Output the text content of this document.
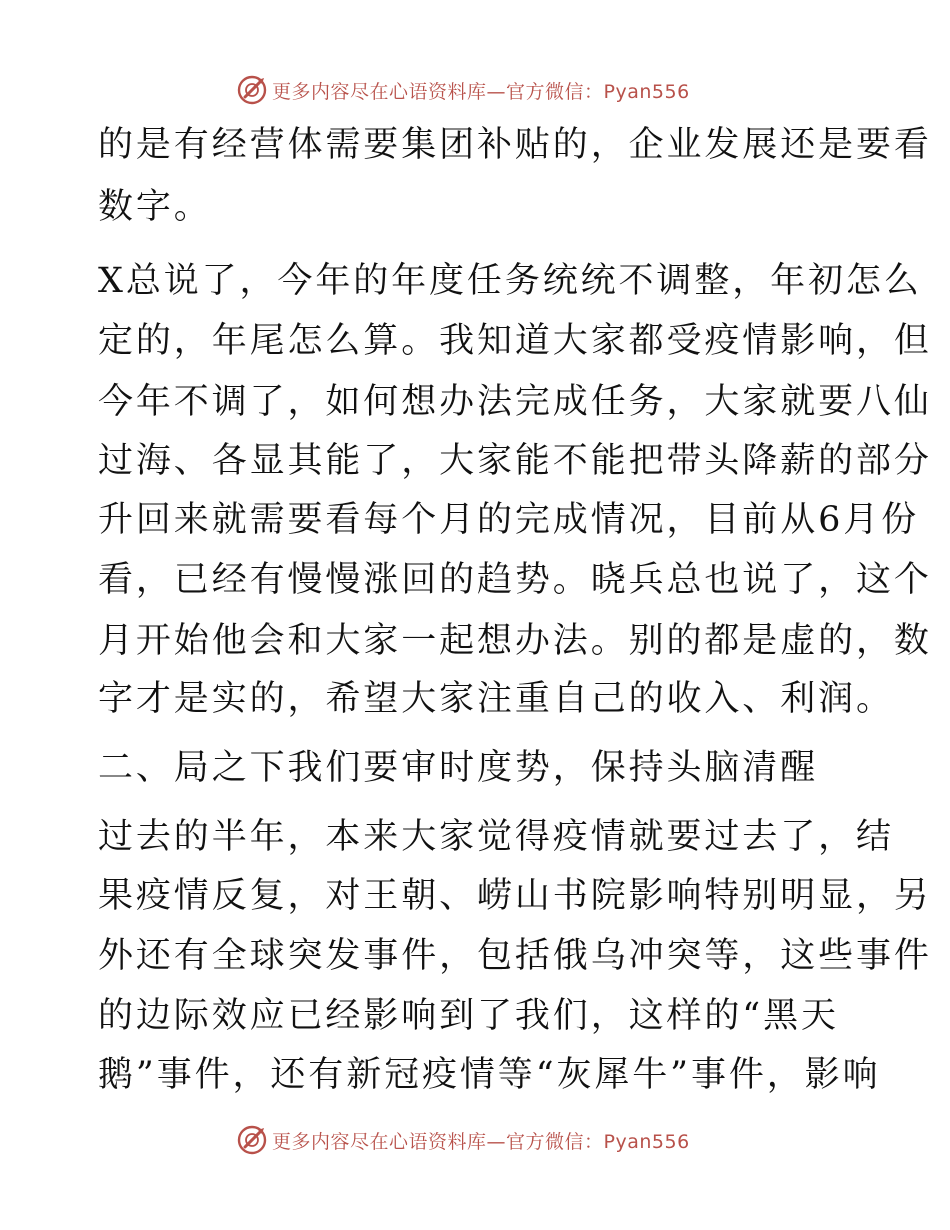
更多内容尽在心语资料库—官方微信：Pyan556

的是有经营体需要集团补贴的，企业发展还是要看

数字。

X总说了，今年的年度任务统统不调整，年初怎么

定的，年尾怎么算。我知道大家都受疫情影响，但

今年不调了，如何想办法完成任务，大家就要八仙

过海、各显其能了，大家能不能把带头降薪的部分

升回来就需要看每个月的完成情况，目前从6月份

看，已经有慢慢涨回的趋势。晓兵总也说了，这个

月开始他会和大家一起想办法。别的都是虚的，数

字才是实的，希望大家注重自己的收入、利润。

二、局之下我们要审时度势，保持头脑清醒

过去的半年，本来大家觉得疫情就要过去了，结

果疫情反复，对王朝、崂山书院影响特别明显，另

外还有全球突发事件，包括俄乌冲突等，这些事件

的边际效应已经影响到了我们，这样的“黑天

鹅”事件，还有新冠疫情等“灰犀牛”事件，影响

更多内容尽在心语资料库—官方微信：Pyan556
